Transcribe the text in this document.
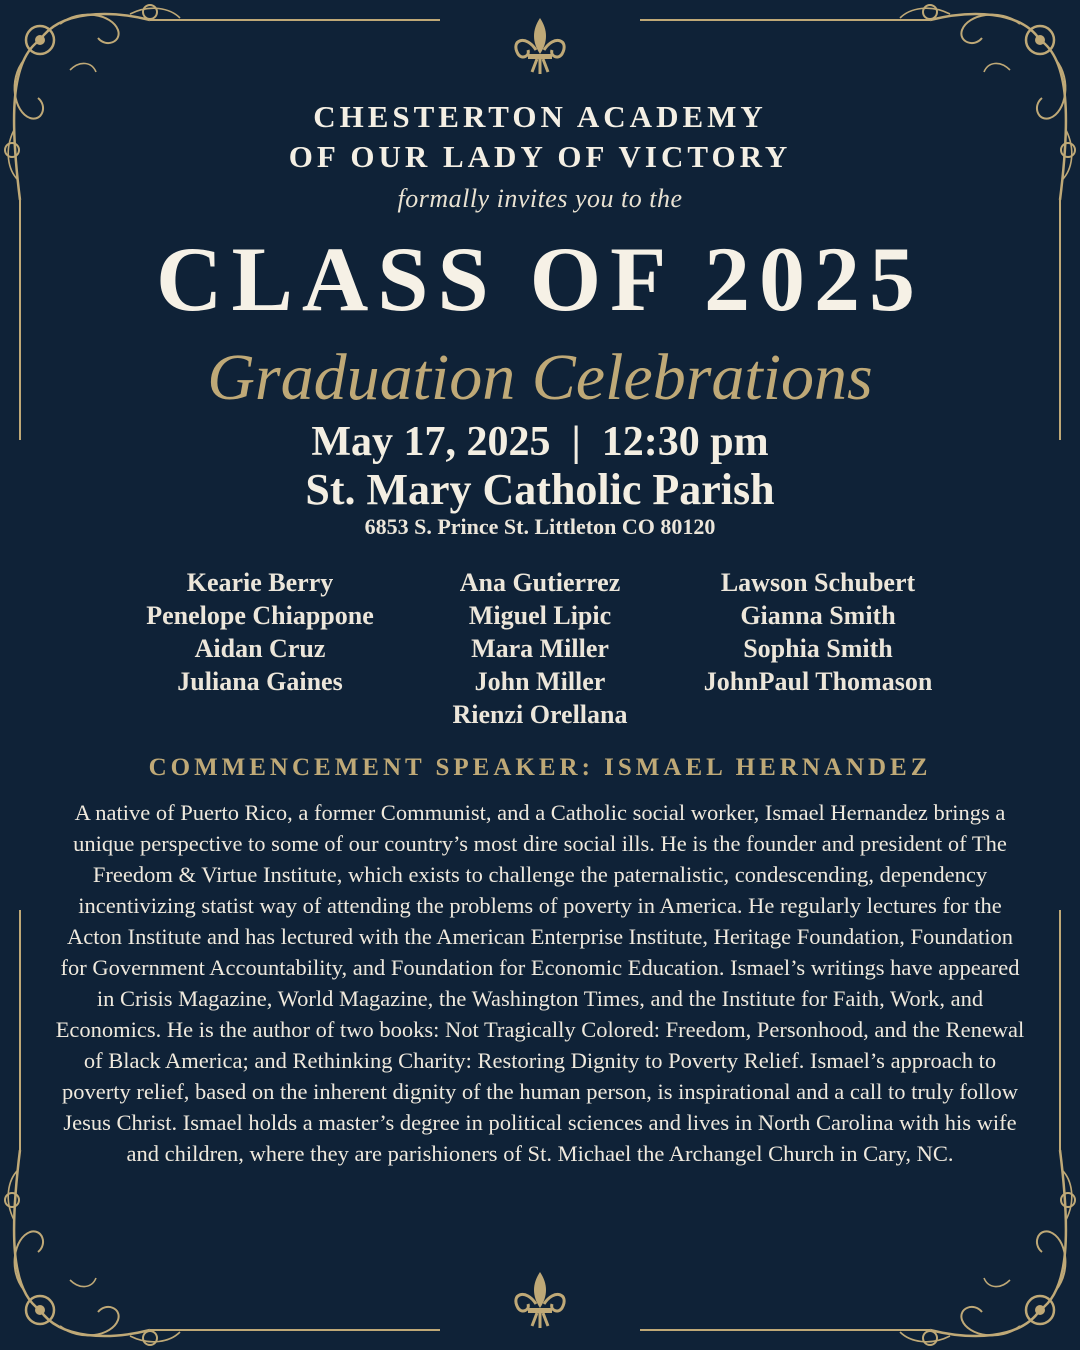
CHESTERTON ACADEMY
OF OUR LADY OF VICTORY
formally invites you to the
CLASS OF 2025
Graduation Celebrations
May 17, 2025  |  12:30 pm
St. Mary Catholic Parish
6853 S. Prince St. Littleton CO 80120
Kearie Berry
Penelope Chiappone
Aidan Cruz
Juliana Gaines
Ana Gutierrez
Miguel Lipic
Mara Miller
John Miller
Rienzi Orellana
Lawson Schubert
Gianna Smith
Sophia Smith
JohnPaul Thomason
COMMENCEMENT SPEAKER: ISMAEL HERNANDEZ
A native of Puerto Rico, a former Communist, and a Catholic social worker, Ismael Hernandez brings a unique perspective to some of our country’s most dire social ills. He is the founder and president of The Freedom & Virtue Institute, which exists to challenge the paternalistic, condescending, dependency incentivizing statist way of attending the problems of poverty in America. He regularly lectures for the Acton Institute and has lectured with the American Enterprise Institute, Heritage Foundation, Foundation for Government Accountability, and Foundation for Economic Education. Ismael’s writings have appeared in Crisis Magazine, World Magazine, the Washington Times, and the Institute for Faith, Work, and Economics. He is the author of two books: Not Tragically Colored: Freedom, Personhood, and the Renewal of Black America; and Rethinking Charity: Restoring Dignity to Poverty Relief. Ismael’s approach to poverty relief, based on the inherent dignity of the human person, is inspirational and a call to truly follow Jesus Christ. Ismael holds a master’s degree in political sciences and lives in North Carolina with his wife and children, where they are parishioners of St. Michael the Archangel Church in Cary, NC.
